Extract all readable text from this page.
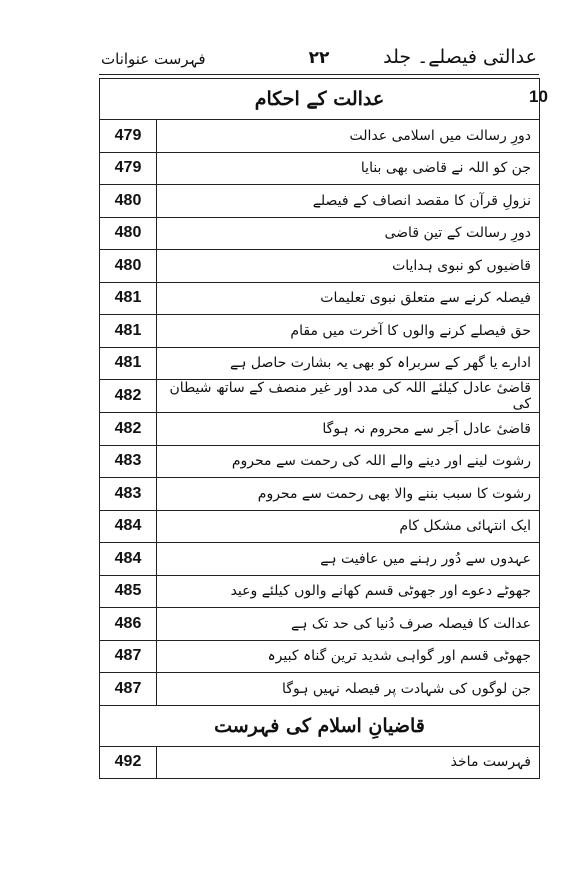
فہرست عنوانات	۲۲	عدالتی فیصلے۔ جلد
10
عدالت کے احکام	
479	دورِ رسالت میں اسلامی عدالت
479	جن کو اللہ نے قاضی بھی بنایا
480	نزولِ قرآن کا مقصد انصاف کے فیصلے
480	دورِ رسالت کے تین قاضی
480	قاضیوں کو نبوی ہدایات
481	فیصلہ کرنے سے متعلق نبوی تعلیمات
481	حق فیصلے کرنے والوں کا آخرت میں مقام
481	ادارے یا گھر کے سربراہ کو بھی یہ بشارت حاصل ہے
482	قاضیٔ عادل کیلئے اللہ کی مدد اور غیر منصف کے ساتھ شیطان کی
482	قاضیٔ عادل اَجر سے محروم نہ ہوگا
483	رشوت لینے اور دینے والے اللہ کی رحمت سے محروم
483	رشوت کا سبب بننے والا بھی رحمت سے محروم
484	ایک انتہائی مشکل کام
484	عہدوں سے دُور رہنے میں عافیت ہے
485	جھوٹے دعوے اور جھوٹی قسم کھانے والوں کیلئے وعید
486	عدالت کا فیصلہ صرف دُنیا کی حد تک ہے
487	جھوٹی قسم اور گواہی شدید ترین گناہ کبیرہ
487	جن لوگوں کی شہادت پر فیصلہ نہیں ہوگا
قاضیانِ اسلام کی فہرست	
492	فہرست ماخذ
